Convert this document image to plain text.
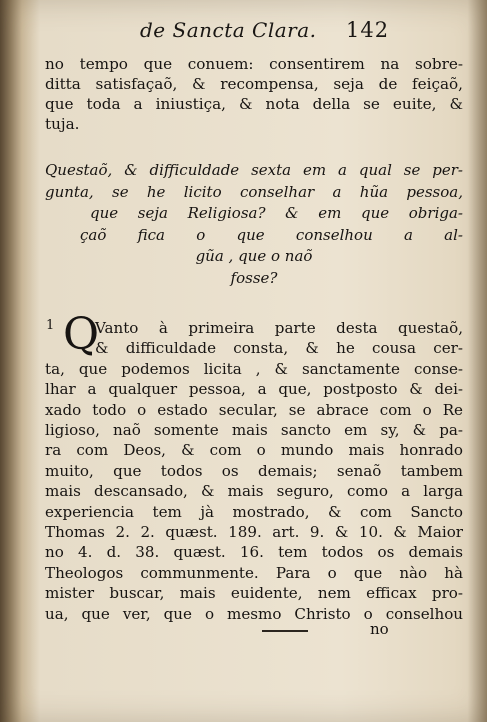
de Sancta Clara. 142
no tempo que conuem: consentirem na sobre-
ditta satisfaçaõ, & recompensa, seja de feiçaõ,
que toda a iniustiça, & nota della se euite, &
tuja.
Questaõ, & difficuldade sexta em a qual se per-
gunta, se he licito conselhar a hũa pessoa,
que seja Religiosa? & em que obriga-
çaõ fica o que conselhou a al-
gũa , que o naõ
fosse?
1 Q
Vanto à primeira parte desta questaõ,
& difficuldade consta, & he cousa cer-
ta, que podemos licita , & sanctamente conse-
lhar a qualquer pessoa, a que, postposto & dei-
xado todo o estado secular, se abrace com o Re
ligioso, naõ somente mais sancto em sy, & pa-
ra com Deos, & com o mundo mais honrado
muito, que todos os demais; senaõ tambem
mais descansado, & mais seguro, como a larga
experiencia tem jà mostrado, & com Sancto
Thomas 2. 2. quæst. 189. art. 9. & 10. & Maior
no 4. d. 38. quæst. 16. tem todos os demais
Theologos communmente. Para o que nào hà
mister buscar, mais euidente, nem efficax pro-
ua, que ver, que o mesmo Christo o conselhou
no
